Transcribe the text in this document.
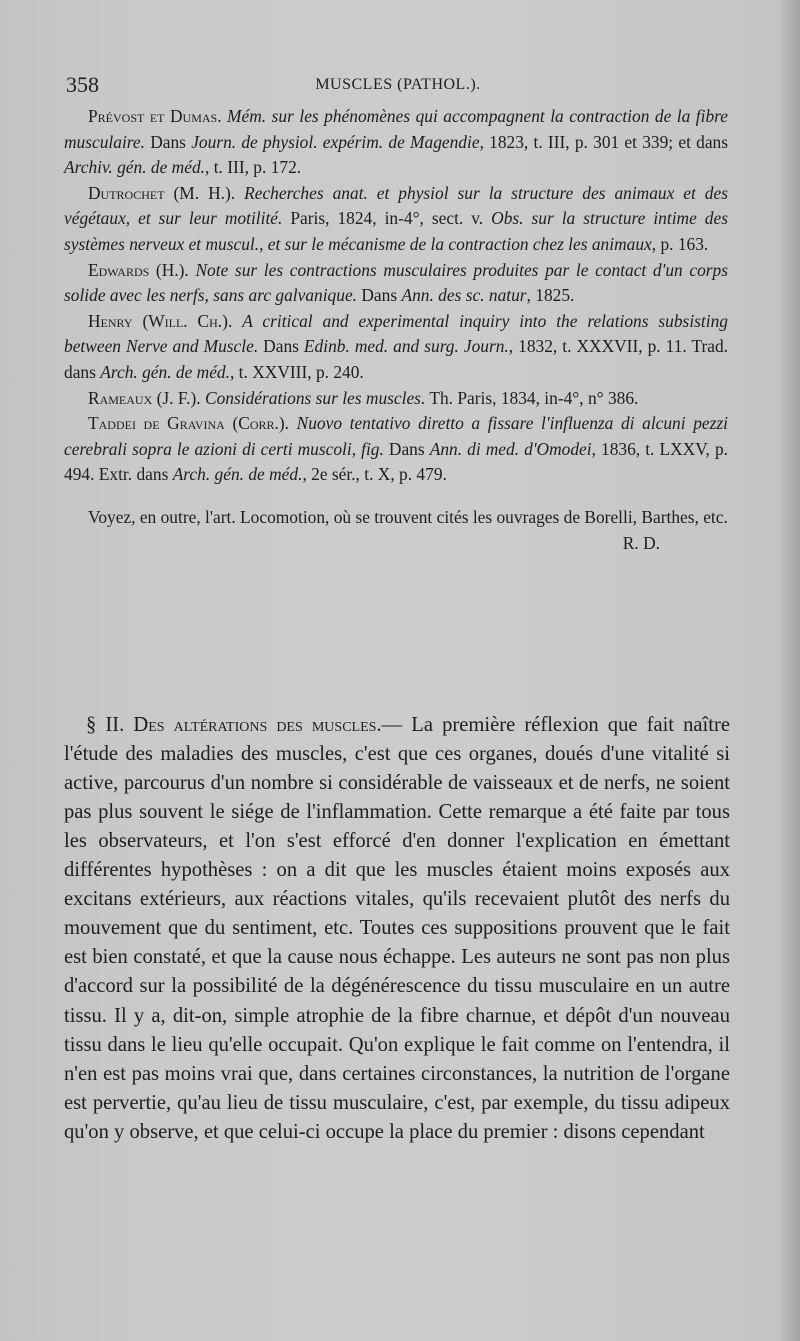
358	MUSCLES (PATHOL.).

Prévost et Dumas. Mém. sur les phénomènes qui accompagnent la contraction de la fibre musculaire. Dans Journ. de physiol. expérim. de Magendie, 1823, t. III, p. 301 et 339; et dans Archiv. gén. de méd., t. III, p. 172.

Dutrochet (M. H.). Recherches anat. et physiol sur la structure des animaux et des végétaux, et sur leur motilité. Paris, 1824, in-4°, sect. v. Obs. sur la structure intime des systèmes nerveux et muscul., et sur le mécanisme de la contraction chez les animaux, p. 163.

Edwards (H.). Note sur les contractions musculaires produites par le contact d'un corps solide avec les nerfs, sans arc galvanique. Dans Ann. des sc. natur, 1825.

Henry (Will. Ch.). A critical and experimental inquiry into the relations subsisting between Nerve and Muscle. Dans Edinb. med. and surg. Journ., 1832, t. XXXVII, p. 11. Trad. dans Arch. gén. de méd., t. XXVIII, p. 240.

Rameaux (J. F.). Considérations sur les muscles. Th. Paris, 1834, in-4°, n° 386.

Taddei de Gravina (Corr.). Nuovo tentativo diretto a fissare l'influenza di alcuni pezzi cerebrali sopra le azioni di certi muscoli, fig. Dans Ann. di med. d'Omodei, 1836, t. LXXV, p. 494. Extr. dans Arch. gén. de méd., 2e sér., t. X, p. 479.

Voyez, en outre, l'art. Locomotion, où se trouvent cités les ouvrages de Borelli, Barthes, etc.
R. D.

§ II. Des altérations des muscles.— La première réflexion que fait naître l'étude des maladies des muscles, c'est que ces organes, doués d'une vitalité si active, parcourus d'un nombre si considérable de vaisseaux et de nerfs, ne soient pas plus souvent le siége de l'inflammation. Cette remarque a été faite par tous les observateurs, et l'on s'est efforcé d'en donner l'explication en émettant différentes hypothèses : on a dit que les muscles étaient moins exposés aux excitans extérieurs, aux réactions vitales, qu'ils recevaient plutôt des nerfs du mouvement que du sentiment, etc. Toutes ces suppositions prouvent que le fait est bien constaté, et que la cause nous échappe. Les auteurs ne sont pas non plus d'accord sur la possibilité de la dégénérescence du tissu musculaire en un autre tissu. Il y a, dit-on, simple atrophie de la fibre charnue, et dépôt d'un nouveau tissu dans le lieu qu'elle occupait. Qu'on explique le fait comme on l'entendra, il n'en est pas moins vrai que, dans certaines circonstances, la nutrition de l'organe est pervertie, qu'au lieu de tissu musculaire, c'est, par exemple, du tissu adipeux qu'on y observe, et que celui-ci occupe la place du premier : disons cependant
